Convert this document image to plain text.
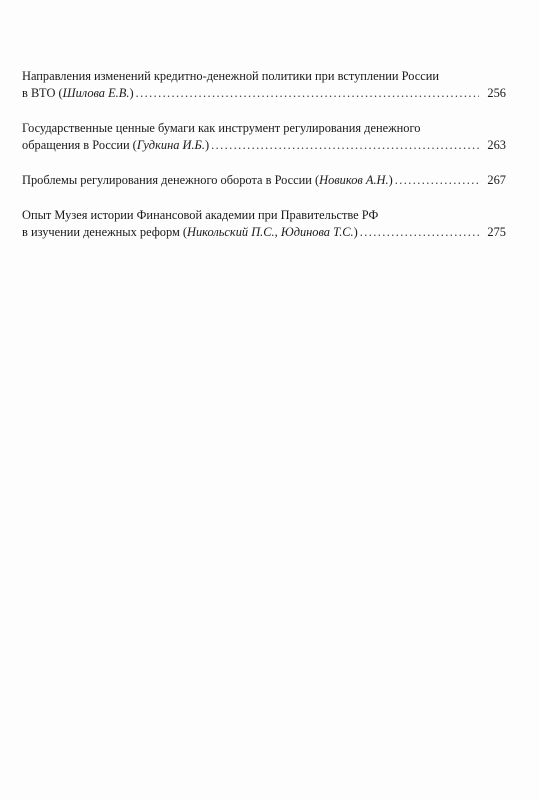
Направления изменений кредитно-денежной политики при вступлении России
в ВТО (Шилова Е.В.) .....	256
Государственные ценные бумаги как инструмент регулирования денежного
обращения в России (Гудкина И.Б.) .....	263
Проблемы регулирования денежного оборота в России (Новиков А.Н.) .....	267
Опыт Музея истории Финансовой академии при Правительстве РФ
в изучении денежных реформ (Никольский П.С., Юдинова Т.С.) .....	275
